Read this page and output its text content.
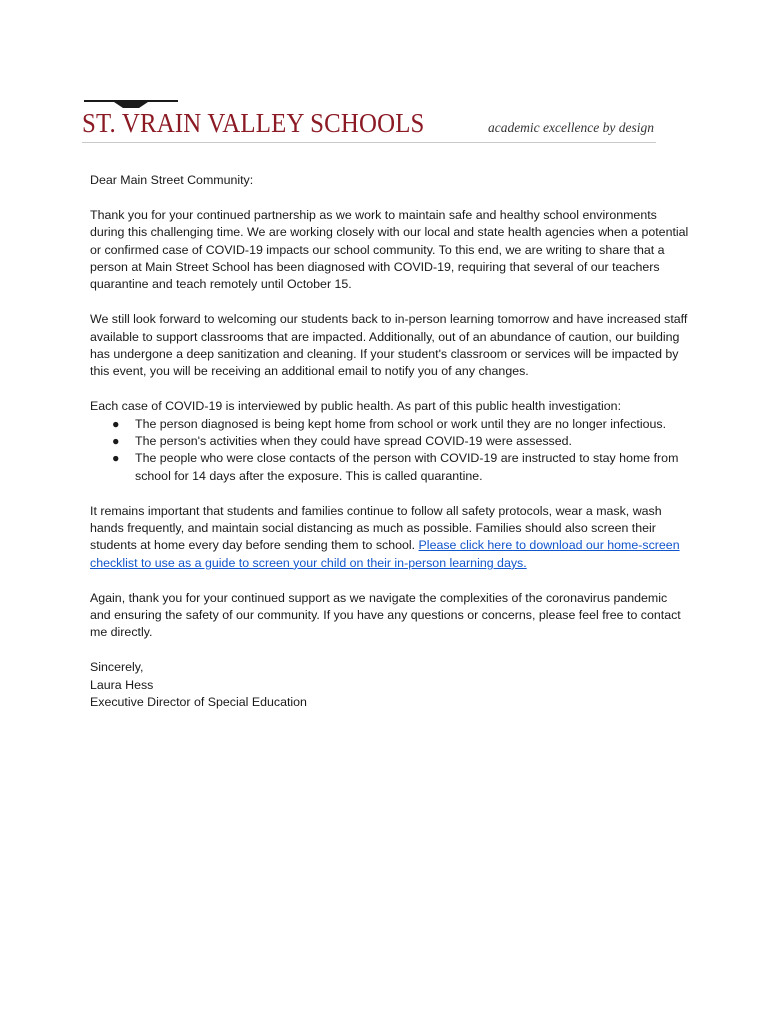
ST. VRAIN VALLEY SCHOOLS	academic excellence by design

Dear Main Street Community:

Thank you for your continued partnership as we work to maintain safe and healthy school environments during this challenging time. We are working closely with our local and state health agencies when a potential or confirmed case of COVID-19 impacts our school community. To this end, we are writing to share that a person at Main Street School has been diagnosed with COVID-19, requiring that several of our teachers quarantine and teach remotely until October 15.

We still look forward to welcoming our students back to in-person learning tomorrow and have increased staff available to support classrooms that are impacted. Additionally, out of an abundance of caution, our building has undergone a deep sanitization and cleaning. If your student's classroom or services will be impacted by this event, you will be receiving an additional email to notify you of any changes.

Each case of COVID-19 is interviewed by public health. As part of this public health investigation:

● The person diagnosed is being kept home from school or work until they are no longer infectious.
● The person's activities when they could have spread COVID-19 were assessed.
● The people who were close contacts of the person with COVID-19 are instructed to stay home from school for 14 days after the exposure. This is called quarantine.

It remains important that students and families continue to follow all safety protocols, wear a mask, wash hands frequently, and maintain social distancing as much as possible. Families should also screen their students at home every day before sending them to school. Please click here to download our home-screen checklist to use as a guide to screen your child on their in-person learning days.

Again, thank you for your continued support as we navigate the complexities of the coronavirus pandemic and ensuring the safety of our community. If you have any questions or concerns, please feel free to contact me directly.

Sincerely,
Laura Hess
Executive Director of Special Education
